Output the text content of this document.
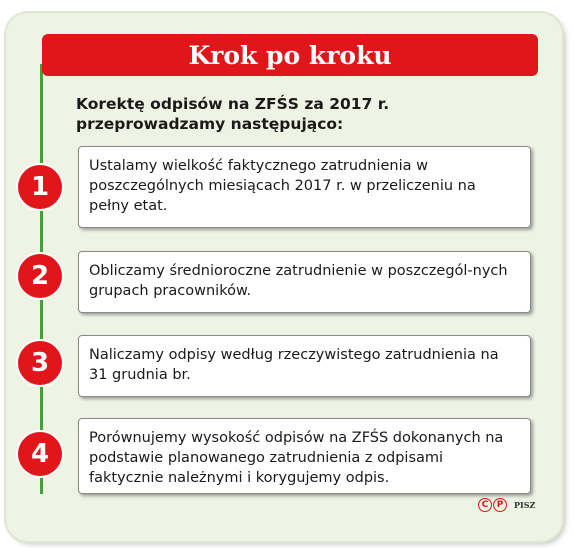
Krok po kroku
Korektę odpisów na ZFŚS za 2017 r. przeprowadzamy następująco:
1
Ustalamy wielkość faktycznego zatrudnienia w poszczególnych miesiącach 2017 r. w przeliczeniu na pełny etat.
2	Obliczamy średnioroczne zatrudnienie w poszczegól-nych grupach pracowników.
3	Naliczamy odpisy według rzeczywistego zatrudnienia na 31 grudnia br.
4
Porównujemy wysokość odpisów na ZFŚS dokonanych na podstawie planowanego zatrudnienia z odpisami faktycznie należnymi i korygujemy odpis.
C P	PISZ
